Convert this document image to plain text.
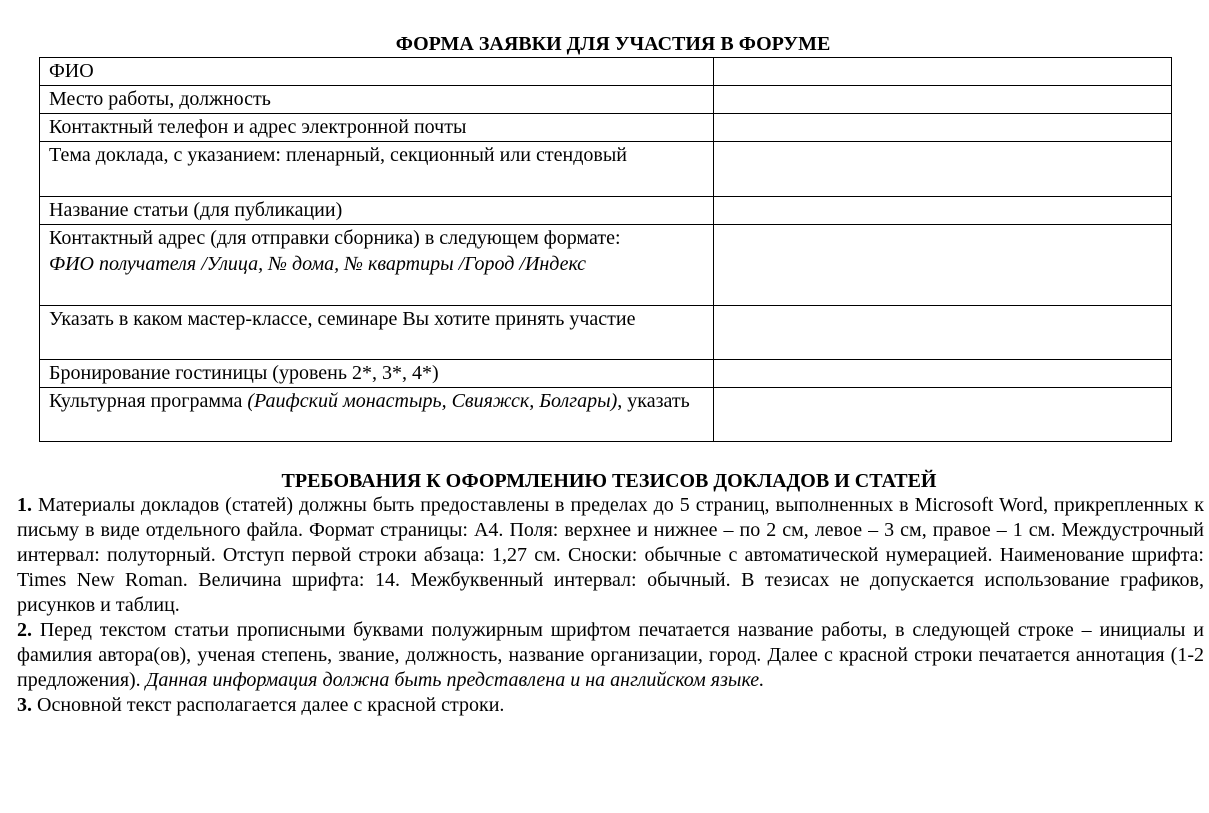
ФОРМА ЗАЯВКИ ДЛЯ УЧАСТИЯ В ФОРУМЕ
ФИО	
Место работы, должность	
Контактный телефон и адрес электронной почты	
Тема доклада, с указанием: пленарный, секционный или стендовый	
Название статьи (для публикации)	
Контактный адрес (для отправки сборника) в следующем формате:
ФИО получателя /Улица, № дома, № квартиры /Город /Индекс	
Указать в каком мастер-классе, семинаре Вы хотите принять участие	
Бронирование гостиницы (уровень 2*, 3*, 4*)	
Культурная программа (Раифский монастырь, Свияжск, Болгары), указать	
ТРЕБОВАНИЯ К ОФОРМЛЕНИЮ ТЕЗИСОВ ДОКЛАДОВ И СТАТЕЙ

1. Материалы докладов (статей) должны быть предоставлены в пределах до 5 страниц, выполненных в Microsoft Word, прикрепленных к письму в виде отдельного файла. Формат страницы: А4. Поля: верхнее и нижнее – по 2 см, левое – 3 см, правое – 1 см. Междустрочный интервал: полуторный. Отступ первой строки абзаца: 1,27 см. Сноски: обычные с автоматической нумерацией. Наименование шрифта: Times New Roman. Величина шрифта: 14. Межбуквенный интервал: обычный. В тезисах не допускается использование графиков, рисунков и таблиц.

2. Перед текстом статьи прописными буквами полужирным шрифтом печатается название работы, в следующей строке – инициалы и фамилия автора(ов), ученая степень, звание, должность, название организации, город. Далее с красной строки печатается аннотация (1-2 предложения). Данная информация должна быть представлена и на английском языке.

3. Основной текст располагается далее с красной строки.
